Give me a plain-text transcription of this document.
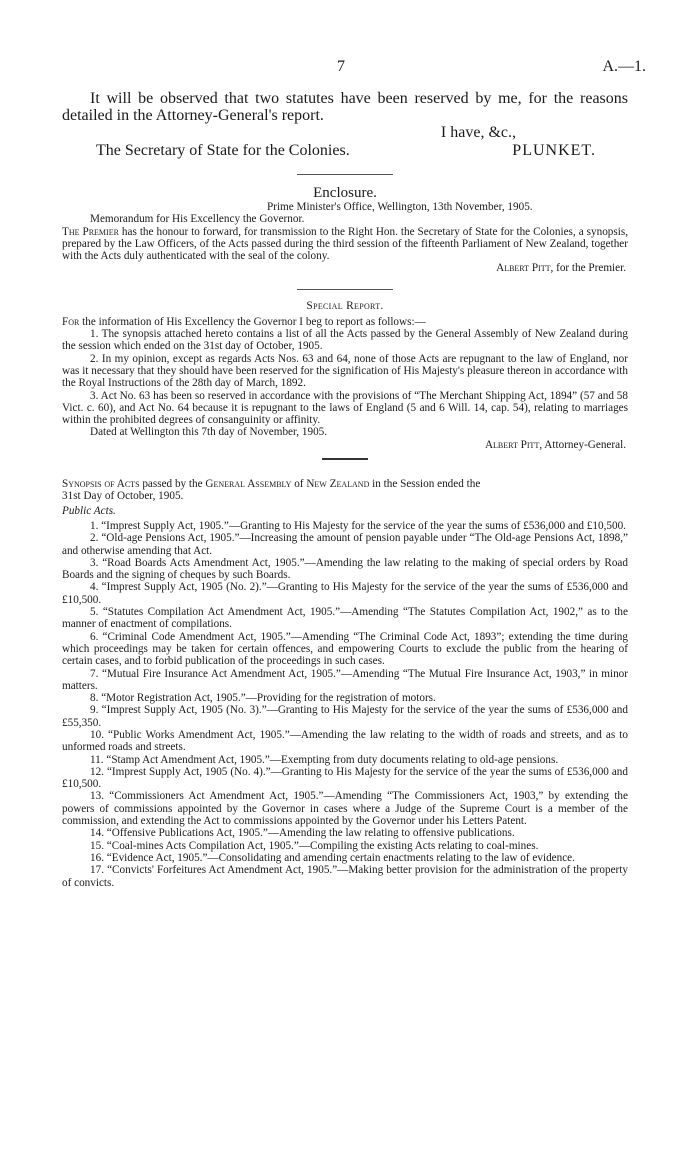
7	A.—1.

It will be observed that two statutes have been reserved by me, for the reasons detailed in the Attorney-General's report.

I have, &c.,
The Secretary of State for the Colonies.	PLUNKET.

Enclosure.

Prime Minister's Office, Wellington, 13th November, 1905.

Memorandum for His Excellency the Governor.

The Premier has the honour to forward, for transmission to the Right Hon. the Secretary of State for the Colonies, a synopsis, prepared by the Law Officers, of the Acts passed during the third session of the fifteenth Parliament of New Zealand, together with the Acts duly authenticated with the seal of the colony.

Albert Pitt, for the Premier.

Special Report.

For the information of His Excellency the Governor I beg to report as follows:—

1. The synopsis attached hereto contains a list of all the Acts passed by the General Assembly of New Zealand during the session which ended on the 31st day of October, 1905.

2. In my opinion, except as regards Acts Nos. 63 and 64, none of those Acts are repugnant to the law of England, nor was it necessary that they should have been reserved for the signification of His Majesty's pleasure thereon in accordance with the Royal Instructions of the 28th day of March, 1892.

3. Act No. 63 has been so reserved in accordance with the provisions of “The Merchant Shipping Act, 1894” (57 and 58 Vict. c. 60), and Act No. 64 because it is repugnant to the laws of England (5 and 6 Will. 14, cap. 54), relating to marriages within the prohibited degrees of consanguinity or affinity.

Dated at Wellington this 7th day of November, 1905.

Albert Pitt, Attorney-General.

Synopsis of Acts passed by the General Assembly of New Zealand in the Session ended the

31st Day of October, 1905.

Public Acts.

1. “Imprest Supply Act, 1905.”—Granting to His Majesty for the service of the year the sums of £536,000 and £10,500.

2. “Old-age Pensions Act, 1905.”—Increasing the amount of pension payable under “The Old-age Pensions Act, 1898,” and otherwise amending that Act.

3. “Road Boards Acts Amendment Act, 1905.”—Amending the law relating to the making of special orders by Road Boards and the signing of cheques by such Boards.

4. “Imprest Supply Act, 1905 (No. 2).”—Granting to His Majesty for the service of the year the sums of £536,000 and £10,500.

5. “Statutes Compilation Act Amendment Act, 1905.”—Amending “The Statutes Compilation Act, 1902,” as to the manner of enactment of compilations.

6. “Criminal Code Amendment Act, 1905.”—Amending “The Criminal Code Act, 1893”; extending the time during which proceedings may be taken for certain offences, and empowering Courts to exclude the public from the hearing of certain cases, and to forbid publication of the proceedings in such cases.

7. “Mutual Fire Insurance Act Amendment Act, 1905.”—Amending “The Mutual Fire Insurance Act, 1903,” in minor matters.

8. “Motor Registration Act, 1905.”—Providing for the registration of motors.

9. “Imprest Supply Act, 1905 (No. 3).”—Granting to His Majesty for the service of the year the sums of £536,000 and £55,350.

10. “Public Works Amendment Act, 1905.”—Amending the law relating to the width of roads and streets, and as to unformed roads and streets.

11. “Stamp Act Amendment Act, 1905.”—Exempting from duty documents relating to old-age pensions.

12. “Imprest Supply Act, 1905 (No. 4).”—Granting to His Majesty for the service of the year the sums of £536,000 and £10,500.

13. “Commissioners Act Amendment Act, 1905.”—Amending “The Commissioners Act, 1903,” by extending the powers of commissions appointed by the Governor in cases where a Judge of the Supreme Court is a member of the commission, and extending the Act to commissions appointed by the Governor under his Letters Patent.

14. “Offensive Publications Act, 1905.”—Amending the law relating to offensive publications.

15. “Coal-mines Acts Compilation Act, 1905.”—Compiling the existing Acts relating to coal-mines.

16. “Evidence Act, 1905.”—Consolidating and amending certain enactments relating to the law of evidence.

17. “Convicts' Forfeitures Act Amendment Act, 1905.”—Making better provision for the administration of the property of convicts.
